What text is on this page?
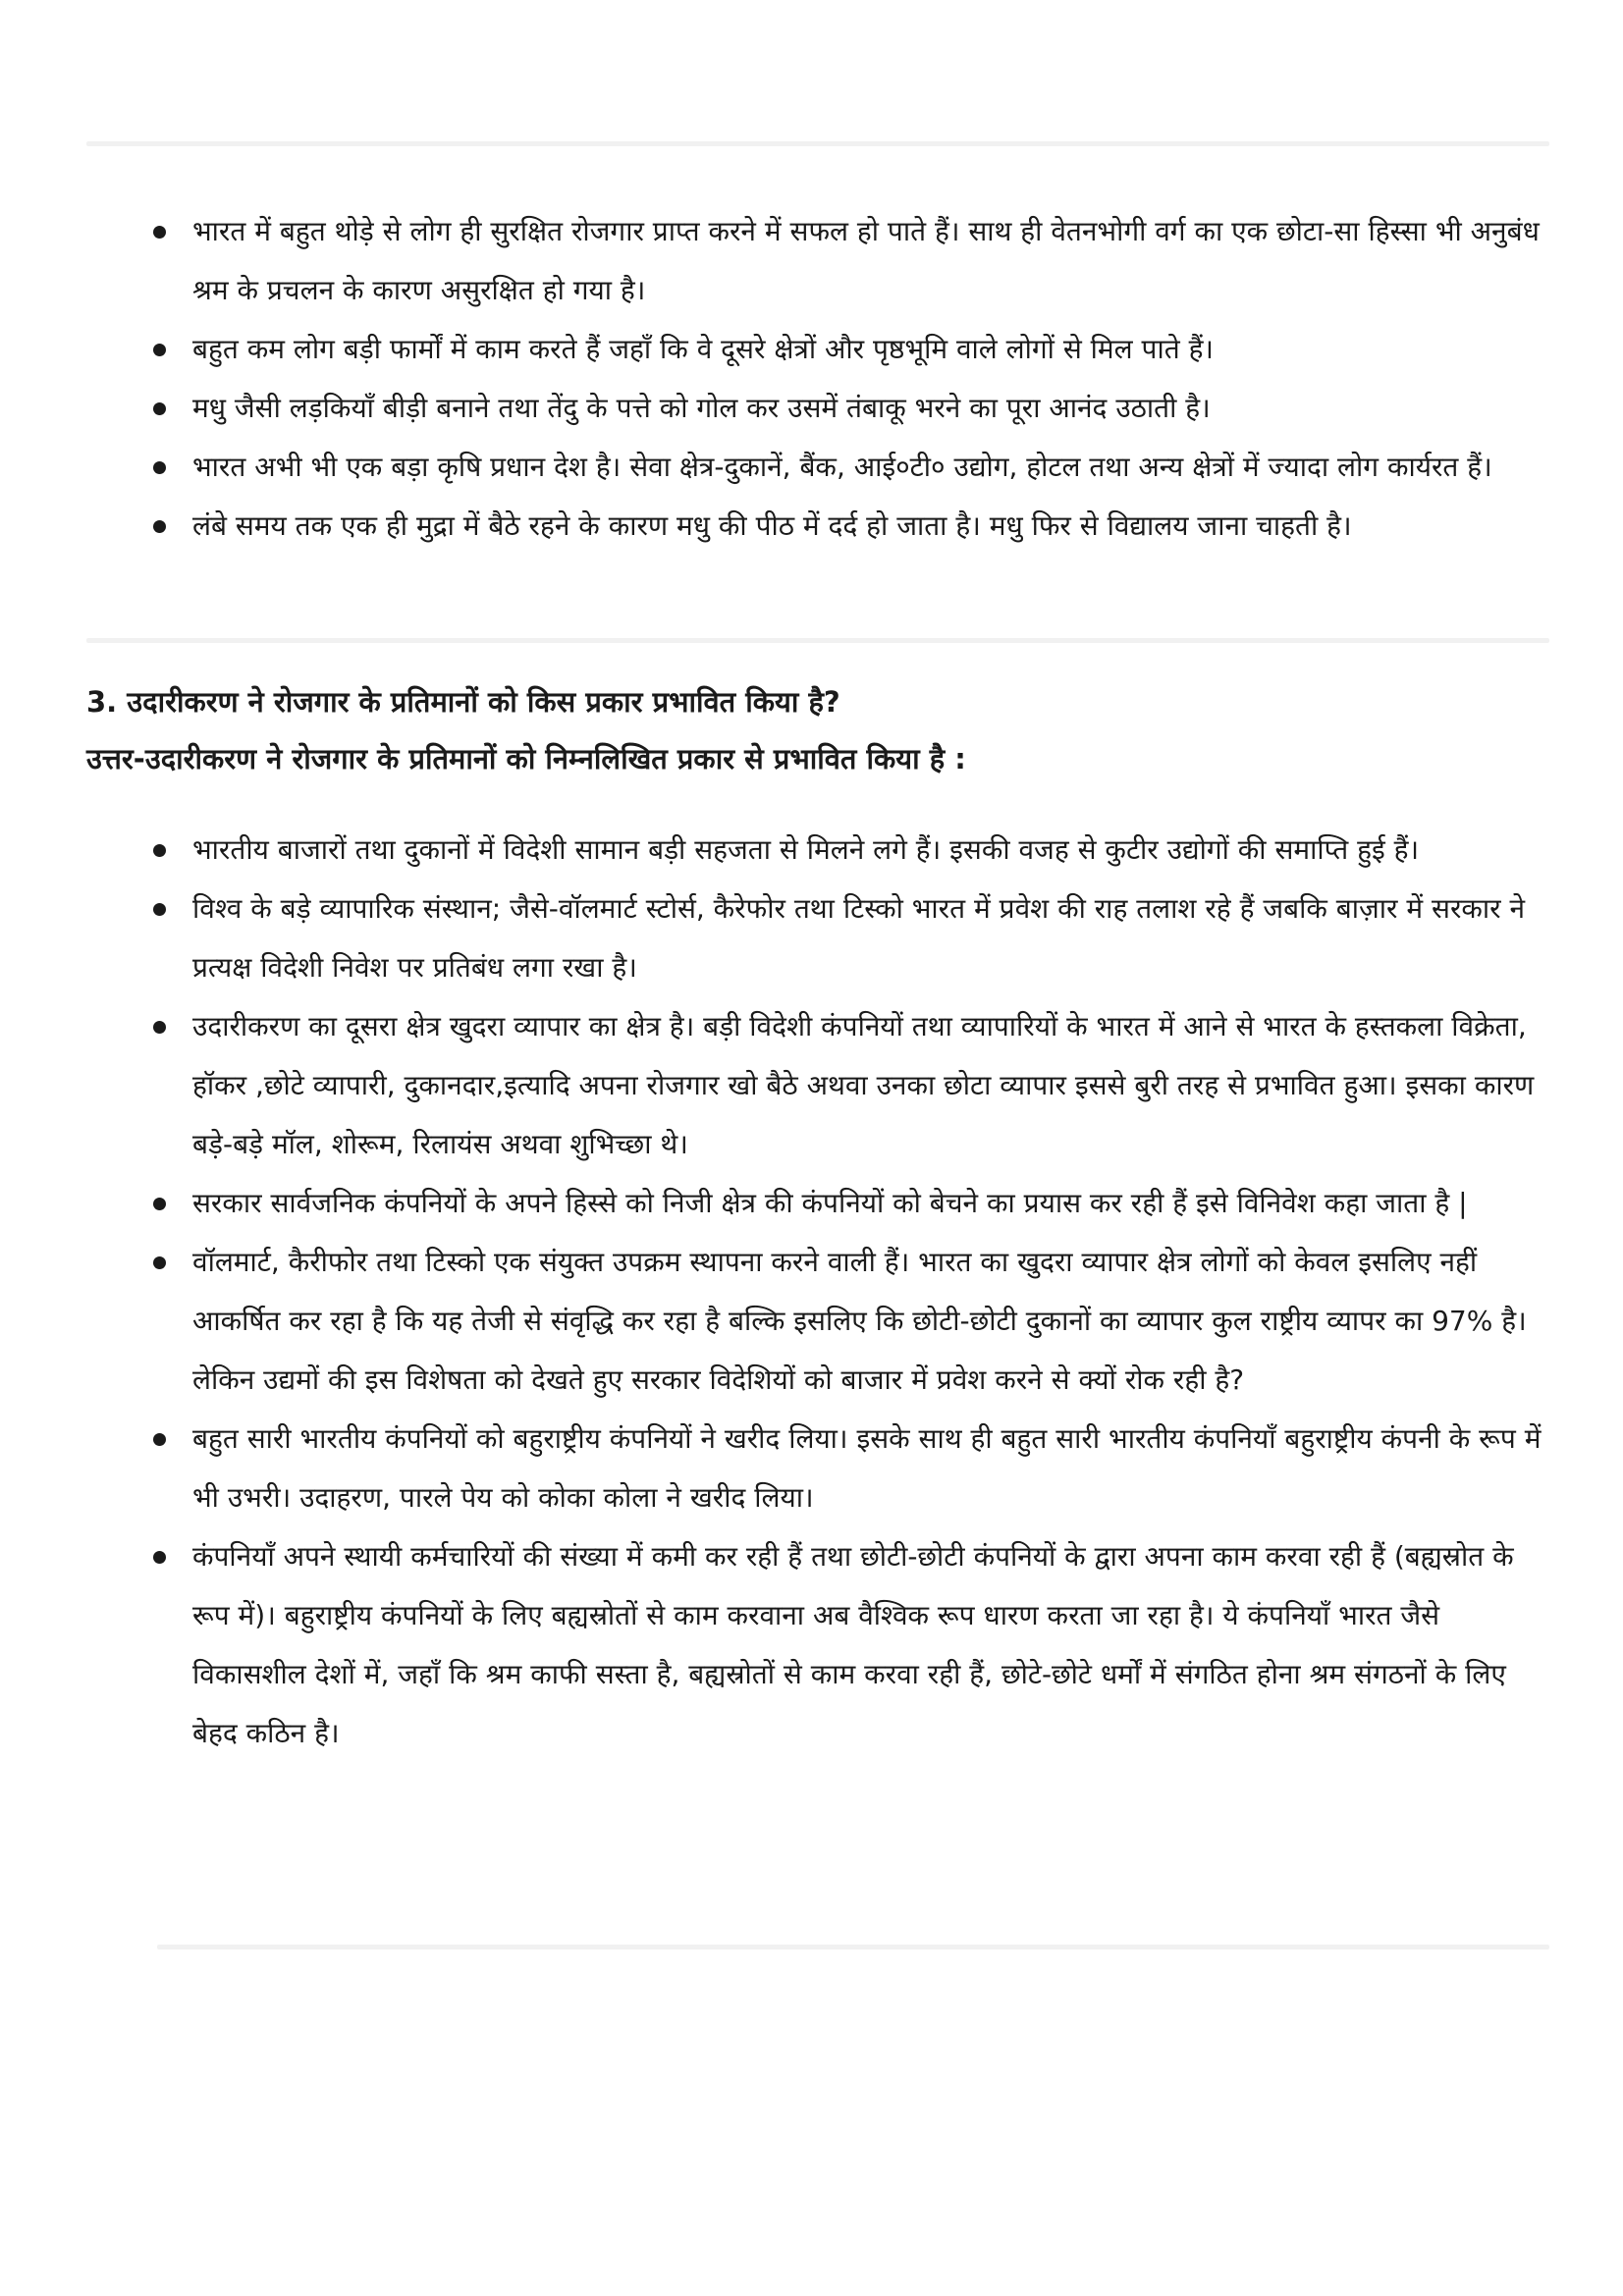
भारत में बहुत थोड़े से लोग ही सुरक्षित रोजगार प्राप्त करने में सफल हो पाते हैं। साथ ही वेतनभोगी वर्ग का एक छोटा-सा हिस्सा भी अनुबंध श्रम के प्रचलन के कारण असुरक्षित हो गया है।
बहुत कम लोग बड़ी फार्मों में काम करते हैं जहाँ कि वे दूसरे क्षेत्रों और पृष्ठभूमि वाले लोगों से मिल पाते हैं।
मधु जैसी लड़कियाँ बीड़ी बनाने तथा तेंदु के पत्ते को गोल कर उसमें तंबाकू भरने का पूरा आनंद उठाती है।
भारत अभी भी एक बड़ा कृषि प्रधान देश है। सेवा क्षेत्र-दुकानें, बैंक, आई०टी० उद्योग, होटल तथा अन्य क्षेत्रों में ज्यादा लोग कार्यरत हैं।
लंबे समय तक एक ही मुद्रा में बैठे रहने के कारण मधु की पीठ में दर्द हो जाता है। मधु फिर से विद्यालय जाना चाहती है।
3. उदारीकरण ने रोजगार के प्रतिमानों को किस प्रकार प्रभावित किया है?
उत्तर-उदारीकरण ने रोजगार के प्रतिमानों को निम्नलिखित प्रकार से प्रभावित किया है :
भारतीय बाजारों तथा दुकानों में विदेशी सामान बड़ी सहजता से मिलने लगे हैं। इसकी वजह से कुटीर उद्योगों की समाप्ति हुई हैं।
विश्व के बड़े व्यापारिक संस्थान; जैसे-वॉलमार्ट स्टोर्स, कैरेफोर तथा टिस्को भारत में प्रवेश की राह तलाश रहे हैं जबकि बाज़ार में सरकार ने प्रत्यक्ष विदेशी निवेश पर प्रतिबंध लगा रखा है।
उदारीकरण का दूसरा क्षेत्र खुदरा व्यापार का क्षेत्र है। बड़ी विदेशी कंपनियों तथा व्यापारियों के भारत में आने से भारत के हस्तकला विक्रेता, हॉकर ,छोटे व्यापारी, दुकानदार,इत्यादि अपना रोजगार खो बैठे अथवा उनका छोटा व्यापार इससे बुरी तरह से प्रभावित हुआ। इसका कारण बड़े-बड़े मॉल, शोरूम, रिलायंस अथवा शुभिच्छा थे।
सरकार सार्वजनिक कंपनियों के अपने हिस्से को निजी क्षेत्र की कंपनियों को बेचने का प्रयास कर रही हैं इसे विनिवेश कहा जाता है |
वॉलमार्ट, कैरीफोर तथा टिस्को एक संयुक्त उपक्रम स्थापना करने वाली हैं। भारत का खुदरा व्यापार क्षेत्र लोगों को केवल इसलिए नहीं आकर्षित कर रहा है कि यह तेजी से संवृद्धि कर रहा है बल्कि इसलिए कि छोटी-छोटी दुकानों का व्यापार कुल राष्ट्रीय व्यापर का 97% है। लेकिन उद्यमों की इस विशेषता को देखते हुए सरकार विदेशियों को बाजार में प्रवेश करने से क्यों रोक रही है?
बहुत सारी भारतीय कंपनियों को बहुराष्ट्रीय कंपनियों ने खरीद लिया। इसके साथ ही बहुत सारी भारतीय कंपनियाँ बहुराष्ट्रीय कंपनी के रूप में भी उभरी। उदाहरण, पारले पेय को कोका कोला ने खरीद लिया।
कंपनियाँ अपने स्थायी कर्मचारियों की संख्या में कमी कर रही हैं तथा छोटी-छोटी कंपनियों के द्वारा अपना काम करवा रही हैं (बह्यस्रोत के रूप में)। बहुराष्ट्रीय कंपनियों के लिए बह्यस्रोतों से काम करवाना अब वैश्विक रूप धारण करता जा रहा है। ये कंपनियाँ भारत जैसे विकासशील देशों में, जहाँ कि श्रम काफी सस्ता है, बह्यस्रोतों से काम करवा रही हैं, छोटे-छोटे धर्मों में संगठित होना श्रम संगठनों के लिए बेहद कठिन है।
